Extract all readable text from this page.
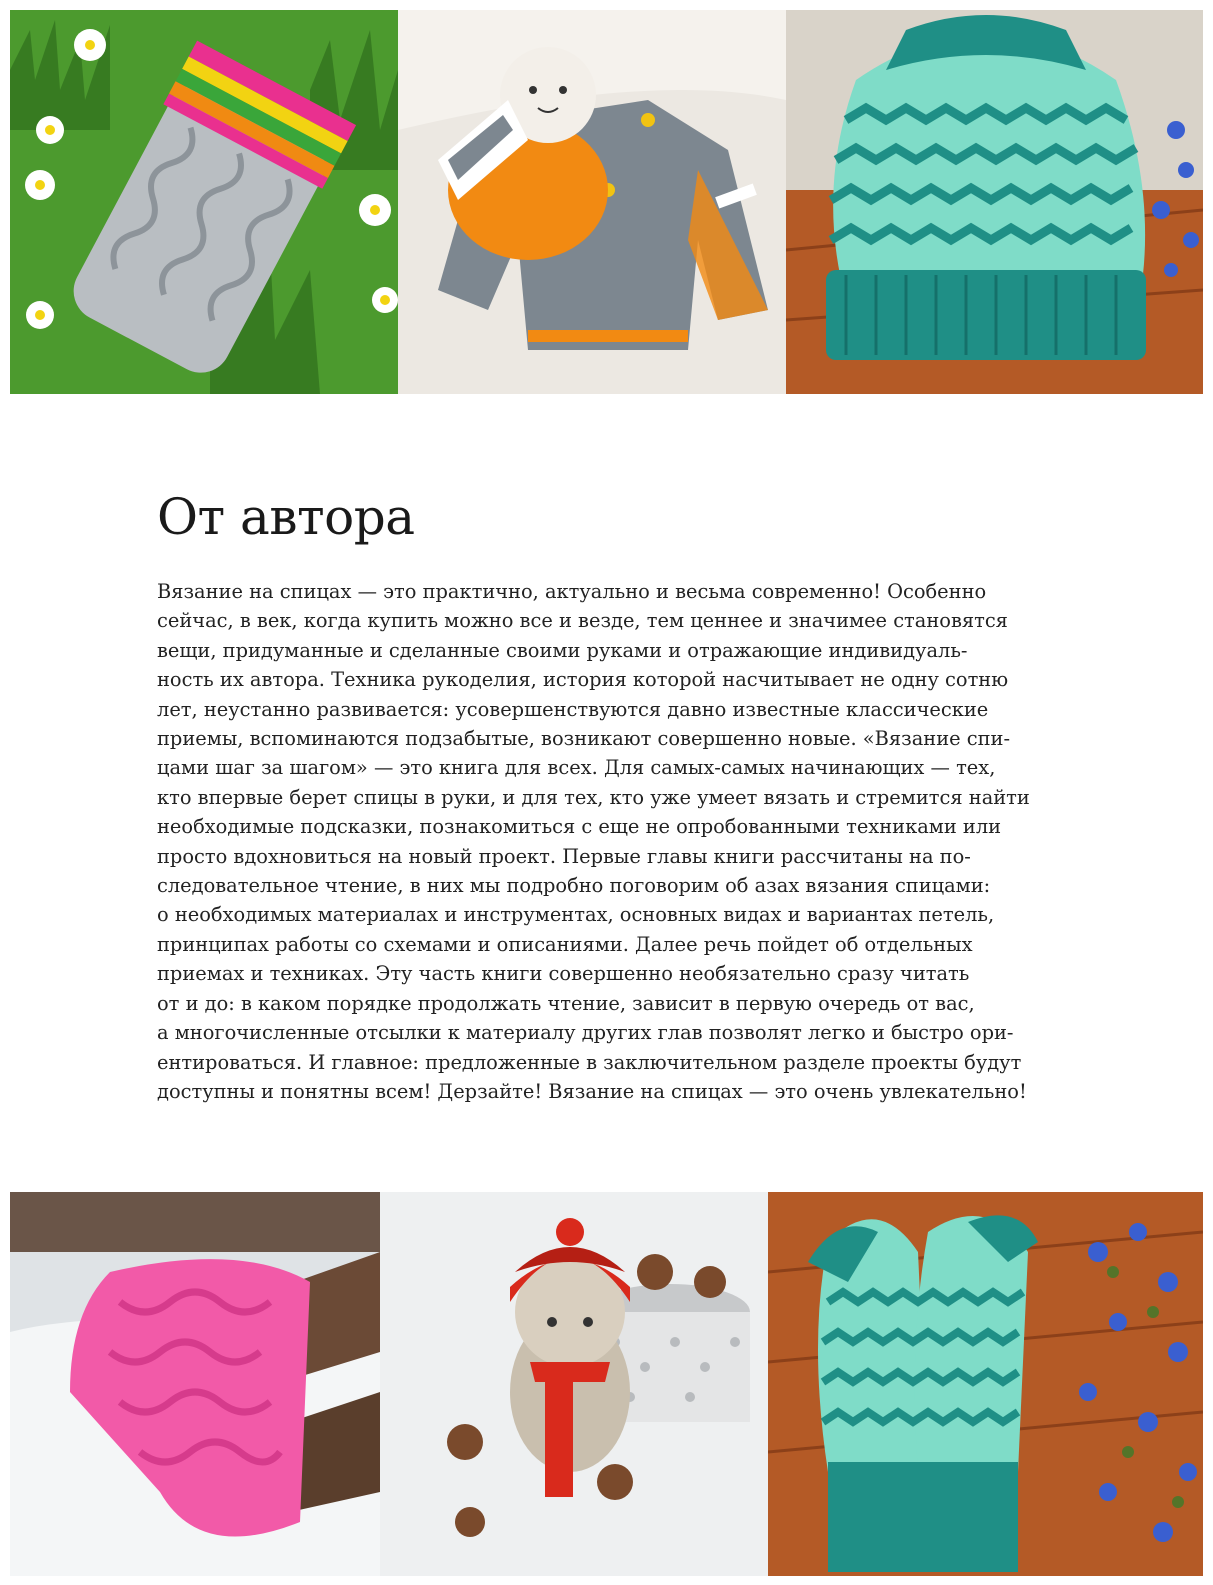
От автора

Вязание на спицах — это практично, актуально и весьма современно! Особенно
сейчас, в век, когда купить можно все и везде, тем ценнее и значимее становятся
вещи, придуманные и сделанные своими руками и отражающие индивидуаль-
ность их автора. Техника рукоделия, история которой насчитывает не одну сотню
лет, неустанно развивается: усовершенствуются давно известные классические
приемы, вспоминаются подзабытые, возникают совершенно новые. «Вязание спи-
цами шаг за шагом» — это книга для всех. Для самых-самых начинающих — тех,
кто впервые берет спицы в руки, и для тех, кто уже умеет вязать и стремится найти
необходимые подсказки, познакомиться с еще не опробованными техниками или
просто вдохновиться на новый проект. Первые главы книги рассчитаны на по-
следовательное чтение, в них мы подробно поговорим об азах вязания спицами:
о необходимых материалах и инструментах, основных видах и вариантах петель,
принципах работы со схемами и описаниями. Далее речь пойдет об отдельных
приемах и техниках. Эту часть книги совершенно необязательно сразу читать
от и до: в каком порядке продолжать чтение, зависит в первую очередь от вас,
а многочисленные отсылки к материалу других глав позволят легко и быстро ори-
ентироваться. И главное: предложенные в заключительном разделе проекты будут
доступны и понятны всем! Дерзайте! Вязание на спицах — это очень увлекательно!
